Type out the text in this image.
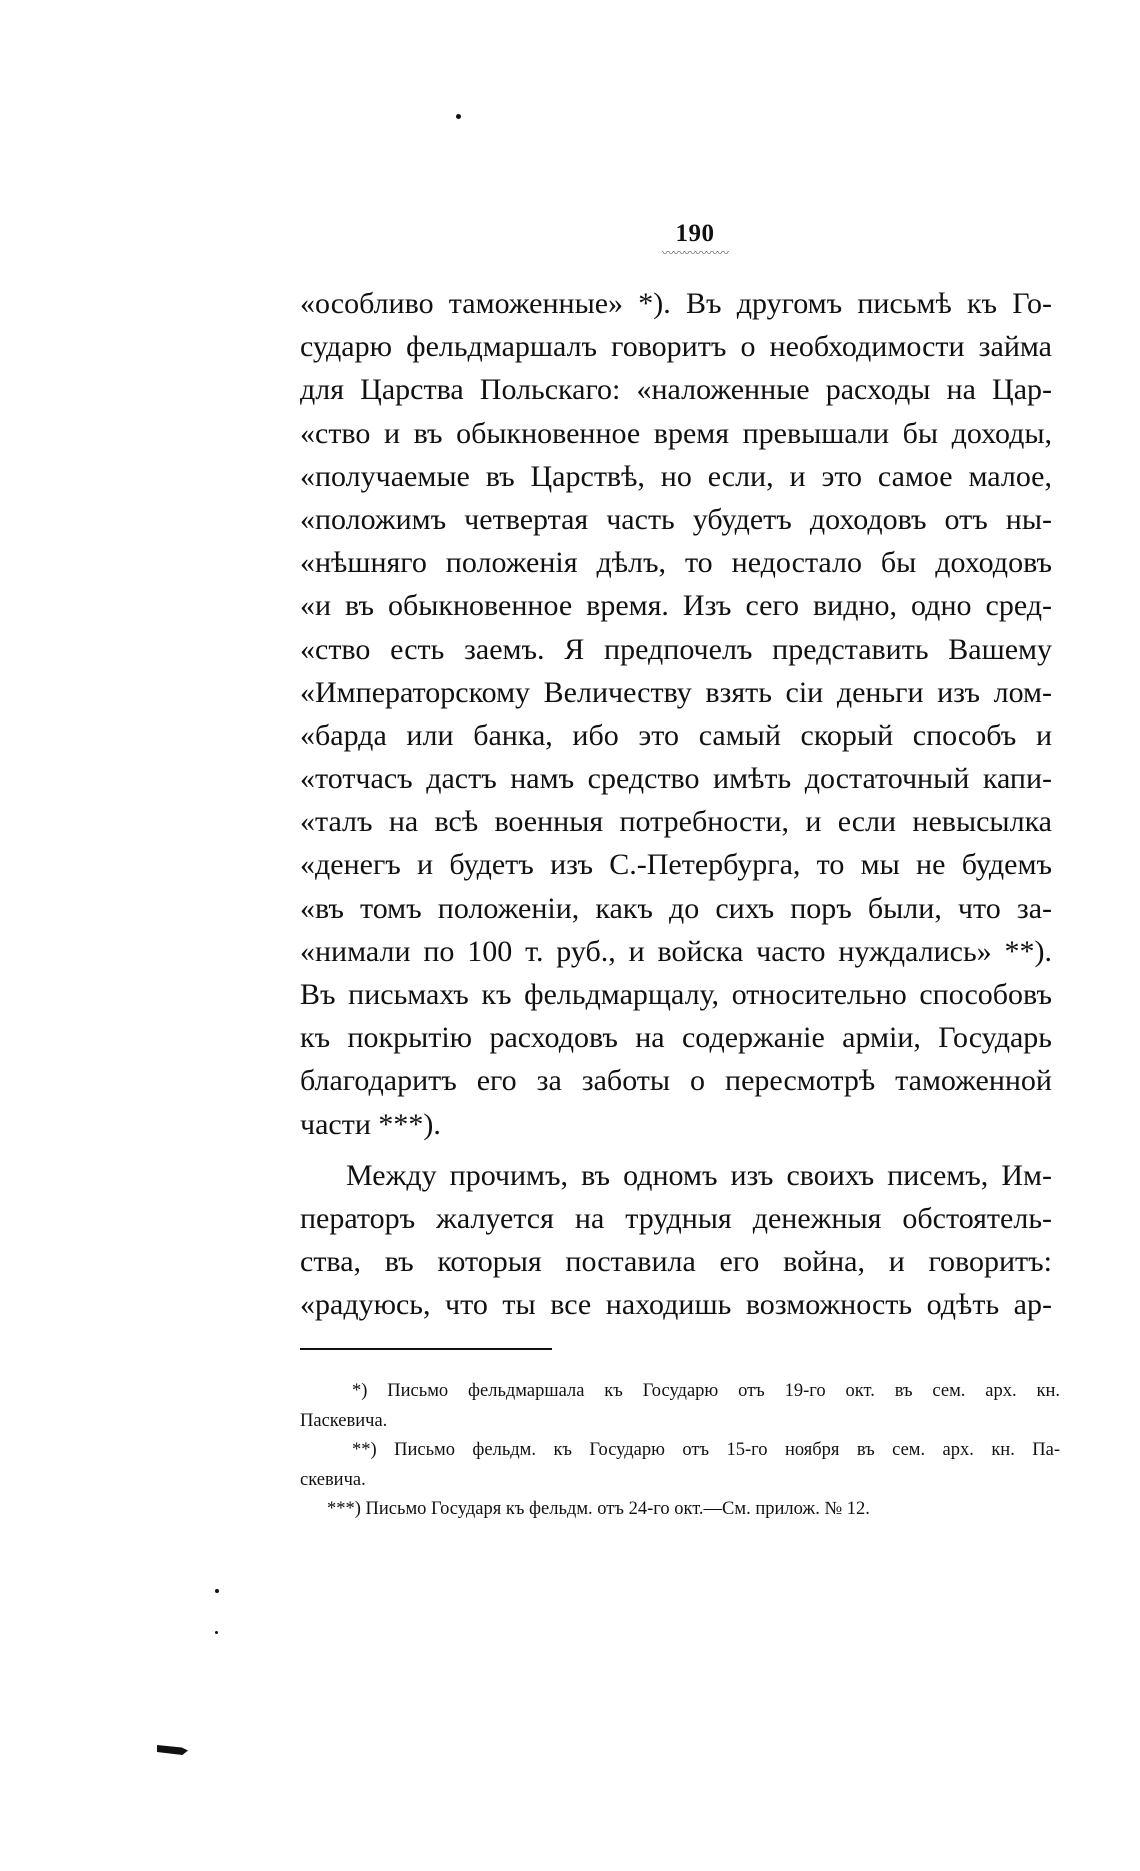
190
〰〰〰〰〰〰
«особливо таможенные» *). Въ другомъ письмѣ къ Го-
сударю фельдмаршалъ говоритъ о необходимости займа
для Царства Польскаго: «наложенные расходы на Цар-
«ство и въ обыкновенное время превышали бы доходы,
«получаемые въ Царствѣ, но если, и это самое малое,
«положимъ четвертая часть убудетъ доходовъ отъ ны-
«нѣшняго положенія дѣлъ, то недостало бы доходовъ
«и въ обыкновенное время. Изъ сего видно, одно сред-
«ство есть заемъ. Я предпочелъ представить Вашему
«Императорскому Величеству взять сіи деньги изъ лом-
«барда или банка, ибо это самый скорый способъ и
«тотчасъ дастъ намъ средство имѣть достаточный капи-
«талъ на всѣ военныя потребности, и если невысылка
«денегъ и будетъ изъ С.-Петербурга, то мы не будемъ
«въ томъ положеніи, какъ до сихъ поръ были, что за-
«нимали по 100 т. руб., и войска часто нуждались» **).
Въ письмахъ къ фельдмарщалу, относительно способовъ
къ покрытію расходовъ на содержаніе арміи, Государь
благодаритъ его за заботы о пересмотрѣ таможенной
части ***).
Между прочимъ, въ одномъ изъ своихъ писемъ, Им-
ператоръ жалуется на трудныя денежныя обстоятель-
ства, въ которыя поставила его война, и говоритъ:
«радуюсь, что ты все находишь возможность одѣть ар-
*) Письмо фельдмаршала къ Государю отъ 19-го окт. въ сем. арх. кн.
Паскевича.
**) Письмо фельдм. къ Государю отъ 15-го ноября въ сем. арх. кн. Па-
скевича.
***) Письмо Государя къ фельдм. отъ 24-го окт.—См. прилож. № 12.
